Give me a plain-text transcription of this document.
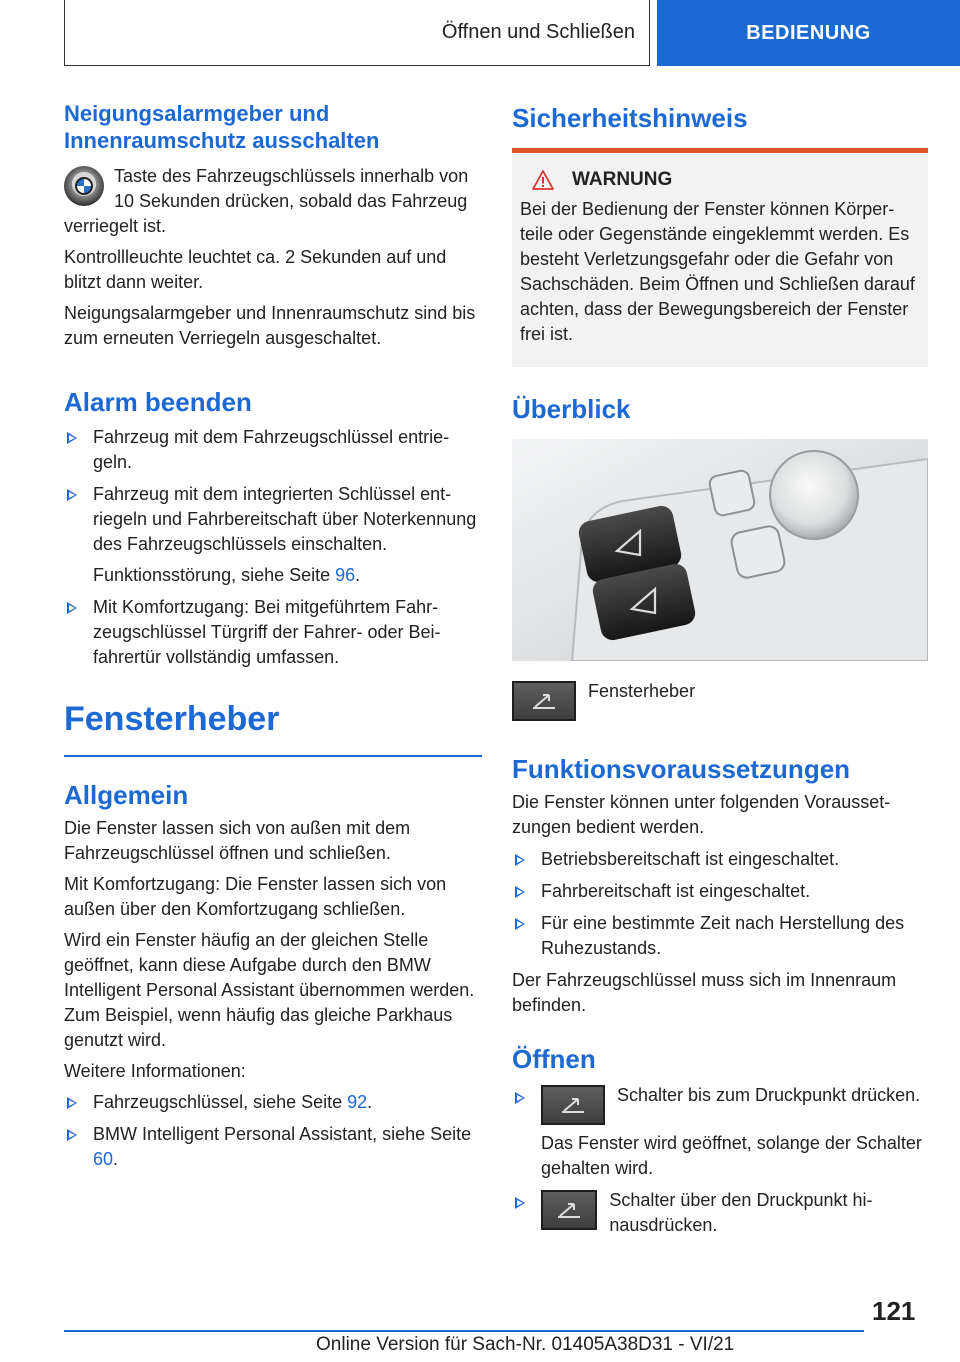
Öffnen und Schließen	BEDIENUNG
Neigungsalarmgeber und Innenraumschutz ausschalten
Taste des Fahrzeugschlüssels innerhalb von 10 Sekunden drücken, sobald das Fahrzeug verriegelt ist.
Kontrollleuchte leuchtet ca. 2 Sekunden auf und blitzt dann weiter.
Neigungsalarmgeber und Innenraumschutz sind bis zum erneuten Verriegeln ausgeschaltet.
Alarm beenden
Fahrzeug mit dem Fahrzeugschlüssel entriegeln.
Fahrzeug mit dem integrierten Schlüssel entriegeln und Fahrbereitschaft über Noterkennung des Fahrzeugschlüssels einschalten.
Funktionsstörung, siehe Seite 96.
Mit Komfortzugang: Bei mitgeführtem Fahrzeugschlüssel Türgriff der Fahrer- oder Beifahrertür vollständig umfassen.
Fensterheber
Allgemein
Die Fenster lassen sich von außen mit dem Fahrzeugschlüssel öffnen und schließen.
Mit Komfortzugang: Die Fenster lassen sich von außen über den Komfortzugang schließen.
Wird ein Fenster häufig an der gleichen Stelle geöffnet, kann diese Aufgabe durch den BMW Intelligent Personal Assistant übernommen werden. Zum Beispiel, wenn häufig das gleiche Parkhaus genutzt wird.
Weitere Informationen:
Fahrzeugschlüssel, siehe Seite 92.
BMW Intelligent Personal Assistant, siehe Seite 60.
Sicherheitshinweis
WARNUNG
Bei der Bedienung der Fenster können Körperteile oder Gegenstände eingeklemmt werden. Es besteht Verletzungsgefahr oder die Gefahr von Sachschäden. Beim Öffnen und Schließen darauf achten, dass der Bewegungsbereich der Fenster frei ist.
Überblick
Fensterheber
Funktionsvoraussetzungen
Die Fenster können unter folgenden Voraussetzungen bedient werden.
Betriebsbereitschaft ist eingeschaltet.
Fahrbereitschaft ist eingeschaltet.
Für eine bestimmte Zeit nach Herstellung des Ruhezustands.
Der Fahrzeugschlüssel muss sich im Innenraum befinden.
Öffnen
Schalter bis zum Druckpunkt drücken.
Das Fenster wird geöffnet, solange der Schalter gehalten wird.
Schalter über den Druckpunkt hinausdrücken.
121
Online Version für Sach-Nr. 01405A38D31 - VI/21
